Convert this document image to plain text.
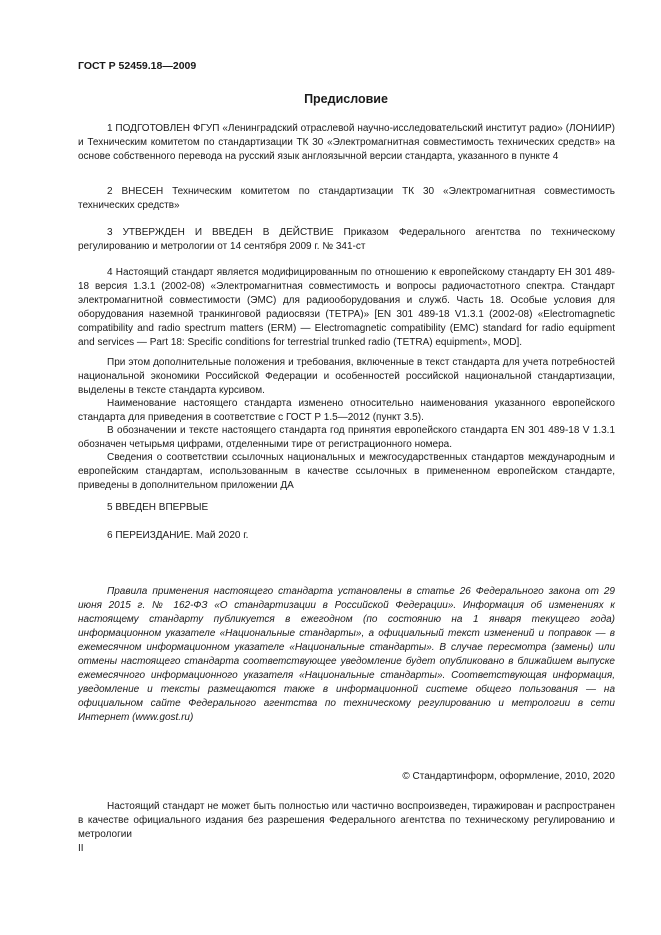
ГОСТ Р 52459.18—2009
Предисловие

1 ПОДГОТОВЛЕН ФГУП «Ленинградский отраслевой научно-исследовательский институт радио» (ЛОНИИР) и Техническим комитетом по стандартизации ТК 30 «Электромагнитная совместимость технических средств» на основе собственного перевода на русский язык англоязычной версии стандарта, указанного в пункте 4

2 ВНЕСЕН Техническим комитетом по стандартизации ТК 30 «Электромагнитная совместимость технических средств»

3 УТВЕРЖДЕН И ВВЕДЕН В ДЕЙСТВИЕ Приказом Федерального агентства по техническому регулированию и метрологии от 14 сентября 2009 г. № 341-ст

4 Настоящий стандарт является модифицированным по отношению к европейскому стандарту ЕН 301 489-18 версия 1.3.1 (2002-08) «Электромагнитная совместимость и вопросы радиочастотного спектра. Стандарт электромагнитной совместимости (ЭМС) для радиооборудования и служб. Часть 18. Особые условия для оборудования наземной транкинговой радиосвязи (ТЕТРА)» [EN 301 489-18 V1.3.1 (2002-08) «Electromagnetic compatibility and radio spectrum matters (ERM) — Electromagnetic compatibility (EMC) standard for radio equipment and services — Part 18: Specific conditions for terrestrial trunked radio (TETRA) equipment», MOD].

При этом дополнительные положения и требования, включенные в текст стандарта для учета потребностей национальной экономики Российской Федерации и особенностей российской национальной стандартизации, выделены в тексте стандарта курсивом.

Наименование настоящего стандарта изменено относительно наименования указанного европейского стандарта для приведения в соответствие с ГОСТ Р 1.5—2012 (пункт 3.5).

В обозначении и тексте настоящего стандарта год принятия европейского стандарта EN 301 489-18 V 1.3.1 обозначен четырьмя цифрами, отделенными тире от регистрационного номера.

Сведения о соответствии ссылочных национальных и межгосударственных стандартов международным и европейским стандартам, использованным в качестве ссылочных в примененном европейском стандарте, приведены в дополнительном приложении ДА

5 ВВЕДЕН ВПЕРВЫЕ

6 ПЕРЕИЗДАНИЕ. Май 2020 г.

Правила применения настоящего стандарта установлены в статье 26 Федерального закона от 29 июня 2015 г. № 162-ФЗ «О стандартизации в Российской Федерации». Информация об изменениях к настоящему стандарту публикуется в ежегодном (по состоянию на 1 января текущего года) информационном указателе «Национальные стандарты», а официальный текст изменений и поправок — в ежемесячном информационном указателе «Национальные стандарты». В случае пересмотра (замены) или отмены настоящего стандарта соответствующее уведомление будет опубликовано в ближайшем выпуске ежемесячного информационного указателя «Национальные стандарты». Соответствующая информация, уведомление и тексты размещаются также в информационной системе общего пользования — на официальном сайте Федерального агентства по техническому регулированию и метрологии в сети Интернет (www.gost.ru)

© Стандартинформ, оформление, 2010, 2020

Настоящий стандарт не может быть полностью или частично воспроизведен, тиражирован и распространен в качестве официального издания без разрешения Федерального агентства по техническому регулированию и метрологии

II
